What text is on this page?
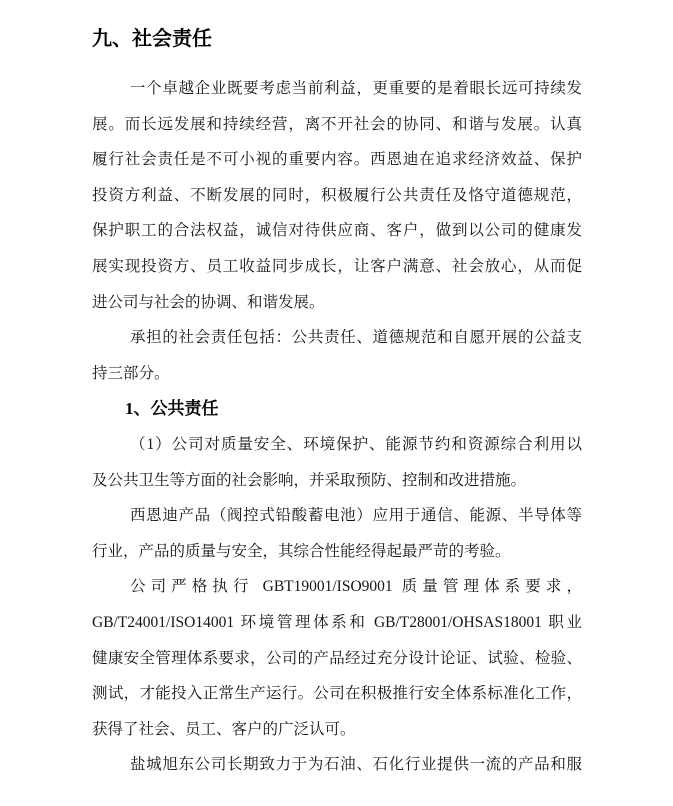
九、社会责任
一个卓越企业既要考虑当前利益，更重要的是着眼长远可持续发
展。而长远发展和持续经营，离不开社会的协同、和谐与发展。认真
履行社会责任是不可小视的重要内容。西恩迪在追求经济效益、保护
投资方利益、不断发展的同时，积极履行公共责任及恪守道德规范，
保护职工的合法权益，诚信对待供应商、客户，做到以公司的健康发
展实现投资方、员工收益同步成长，让客户满意、社会放心，从而促
进公司与社会的协调、和谐发展。
承担的社会责任包括：公共责任、道德规范和自愿开展的公益支
持三部分。
1、公共责任
（1）公司对质量安全、环境保护、能源节约和资源综合利用以
及公共卫生等方面的社会影响，并采取预防、控制和改进措施。
西恩迪产品（阀控式铅酸蓄电池）应用于通信、能源、半导体等
行业，产品的质量与安全，其综合性能经得起最严苛的考验。
公司严格执行 GBT19001/ISO9001 质量管理体系要求，
GB/T24001/ISO14001 环境管理体系和 GB/T28001/OHSAS18001 职业
健康安全管理体系要求，公司的产品经过充分设计论证、试验、检验、
测试，才能投入正常生产运行。公司在积极推行安全体系标准化工作，
获得了社会、员工、客户的广泛认可。
盐城旭东公司长期致力于为石油、石化行业提供一流的产品和服
